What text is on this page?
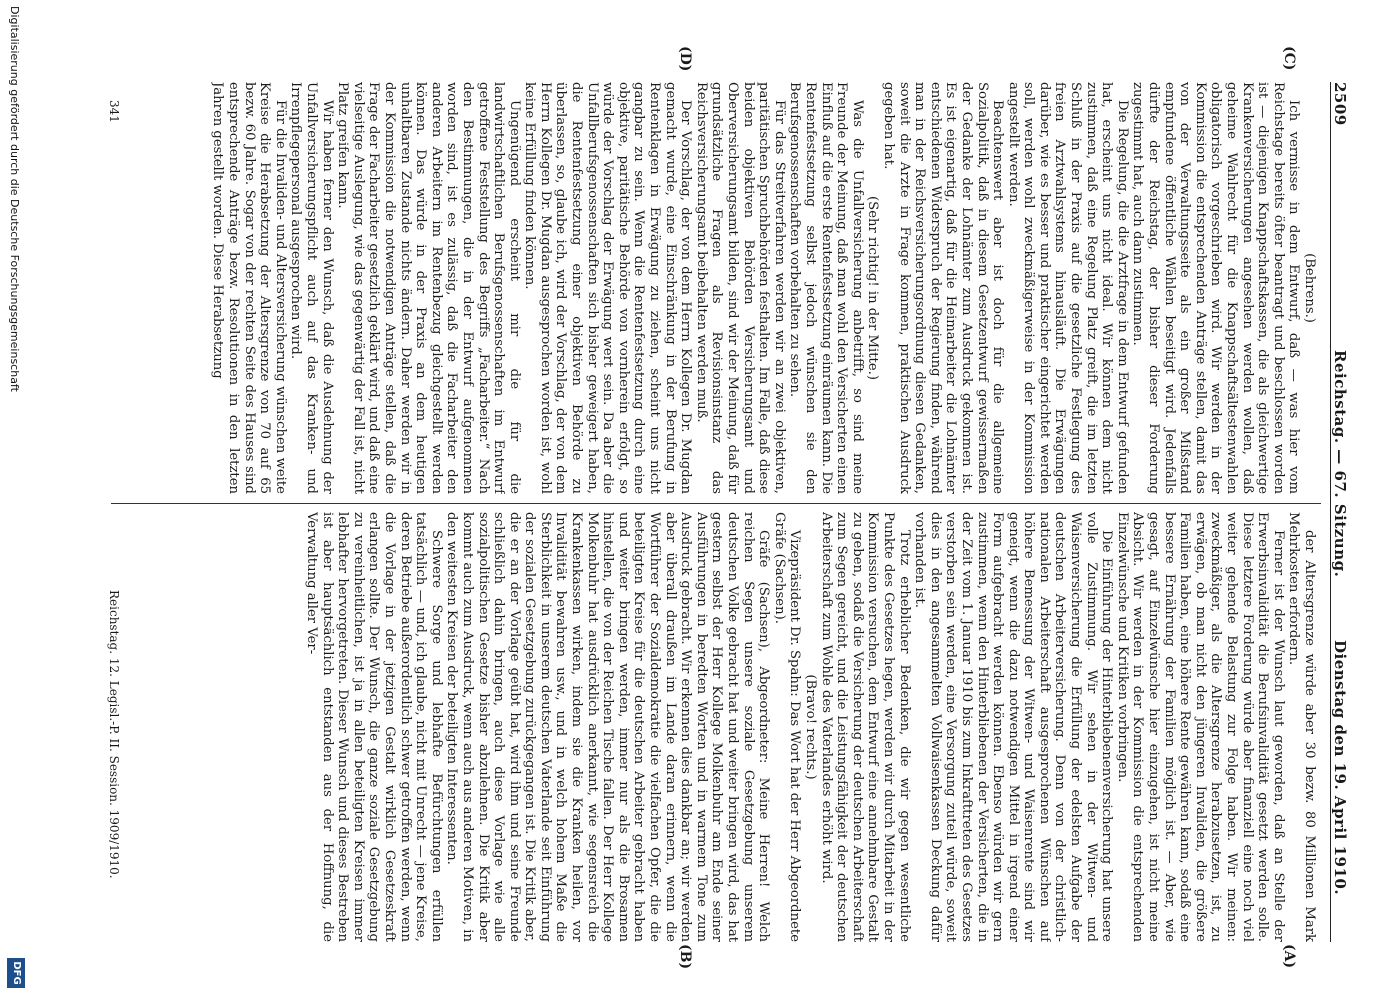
2509
Reichstag. — 67. Sitzung.
Dienstag den 19. April 1910.
(A)
(B)
(C)
(D)

der Altersgrenze würde aber 30 bezw. 80 Millionen Mark Mehrkosten erfordern.

Ferner ist der Wunsch laut geworden, daß an Stelle der Erwerbsinvalidität die Berufsinvalidität gesetzt werden solle. Diese letztere Forderung würde aber finanziell eine noch viel weiter gehende Belastung zur Folge haben. Wir meinen: zweckmäßiger, als die Altersgrenze herabzusetzen, ist, zu erwägen, ob man nicht den jüngeren Invaliden, die größere Familien haben, eine höhere Rente gewähren kann, sodaß eine bessere Ernährung der Familien möglich ist. — Aber, wie gesagt, auf Einzelwünsche hier einzugehen, ist nicht meine Absicht. Wir werden in der Kommission die entsprechenden Einzelwünsche und Kritiken vorbringen.

Die Einführung der Hinterbliebenenversicherung hat unsere volle Zustimmung. Wir sehen in der Witwen- und Waisenversicherung die Erfüllung der edelsten Aufgabe der deutschen Arbeiterversicherung. Denn von der christlich-nationalen Arbeiterschaft ausgesprochenen Wünschen auf höhere Bemessung der Witwen- und Waisenrente sind wir geneigt, wenn die dazu notwendigen Mittel in irgend einer Form aufgebracht werden können. Ebenso würden wir gern zustimmen, wenn den Hinterbliebenen der Versicherten, die in der Zeit vom 1. Januar 1910 bis zum Inkrafttreten des Gesetzes verstorben sein werden, eine Versorgung zuteil würde, soweit dies in den angesammelten Vollwaisenkassen Deckung dafür vorhanden ist.

Trotz erheblicher Bedenken, die wir gegen wesentliche Punkte des Gesetzes hegen, werden wir durch Mitarbeit in der Kommission versuchen, dem Entwurf eine annehmbare Gestalt zu geben, sodaß die Versicherung der deutschen Arbeiterschaft zum Segen gereicht, und die Leistungsfähigkeit der deutschen Arbeiterschaft zum Wohle des Vaterlandes erhöht wird.

(Bravo! rechts.)

Vizepräsident Dr. Spahn: Das Wort hat der Herr Abgeordnete Gräfe (Sachsen).

Gräfe (Sachsen), Abgeordneter: Meine Herren! Welch reichen Segen unsere soziale Gesetzgebung unserem deutschen Volke gebracht hat und weiter bringen wird, das hat gestern selbst der Herr Kollege Molkenbuhr am Ende seiner Ausführungen in beredten Worten und in warmem Tone zum Ausdruck gebracht. Wir erkennen dies dankbar an; wir werden aber überall draußen im Lande daran erinnern, wenn die Wortführer der Sozialdemokratie die vielfachen Opfer, die die beteiligten Kreise für die deutschen Arbeiter gebracht haben und weiter bringen werden, immer nur als die Brosamen hinstellen, die von der Reichen Tische fallen. Der Herr Kollege Molkenbuhr hat ausdrücklich anerkannt, wie segensreich die Krankenkassen wirken, indem sie die Kranken heilen, vor Invalidität bewahren usw., und in welch hohem Maße die Sterblichkeit in unserem deutschen Vaterlande seit Einführung der sozialen Gesetzgebung zurückgegangen ist. Die Kritik aber, die er an der Vorlage geübt hat, wird ihm und seine Freunde schließlich dahin bringen, auch diese Vorlage wie alle sozialpolitischen Gesetze bisher abzulehnen. Die Kritik aber kommt auch zum Ausdruck, wenn auch aus anderen Motiven, in den weitesten Kreisen der beteiligten Interessenten.

Schwere Sorge und lebhafte Befürchtungen erfüllen tatsächlich — und, ich glaube, nicht mit Unrecht — jene Kreise, deren Betriebe außerordentlich schwer getroffen werden, wenn die Vorlage in der jetzigen Gestalt wirklich Gesetzeskraft erlangen sollte. Der Wunsch, die ganze soziale Gesetzgebung zu vereinheitlichen, ist ja in allen beteiligten Kreisen immer lebhafter hervorgetreten. Dieser Wunsch und dieses Bestreben ist aber hauptsächlich entstanden aus der Hoffnung, die Verwaltung aller Ver-

(Behrens.)

Ich vermisse in dem Entwurf, daß — was hier vom Reichstage bereits öfter beantragt und beschlossen worden ist — diejenigen Knappschaftskassen, die als gleichwertige Krankenversicherungen angesehen werden wollen, daß geheime Wahlrecht für die Knappschaftsältestenwahlen obligatorisch vorgeschrieben wird. Wir werden in der Kommission die entsprechenden Anträge stellen, damit das von der Verwaltungsseite als ein großer Mißstand empfundene öffentliche Wählen beseitigt wird. Jedenfalls dürfte der Reichstag, der bisher dieser Forderung zugestimmt hat, auch dann zustimmen.

Die Regelung, die die Arztfrage in dem Entwurf gefunden hat, erscheint uns nicht ideal. Wir können dem nicht zustimmen, daß eine Regelung Platz greift, die im letzten Schluß in der Praxis auf die gesetzliche Festlegung des freien Arztwahlsystems hinausläuft. Die Erwägungen darüber, wie es besser und praktischer eingerichtet werden soll, werden wohl zweckmäßigerweise in der Kommission angestellt werden.

Beachtenswert aber ist doch für die allgemeine Sozialpolitik, daß in diesem Gesetzentwurf gewissermaßen der Gedanke der Lohnämter zum Ausdruck gekommen ist. Es ist eigenartig, daß für die Heimarbeiter die Lohnämter entschiedenen Widerspruch der Regierung finden, während man in der Reichsversicherungsordnung diesen Gedanken, soweit die Arzte in Frage kommen, praktischen Ausdruck gegeben hat.

(Sehr richtig! in der Mitte.)

Was die Unfallversicherung anbetrifft, so sind meine Freunde der Meinung, daß man wohl den Versicherten einen Einfluß auf die erste Rentenfestsetzung einräumen kann. Die Rentenfestsetzung selbst jedoch wünschen sie den Berufsgenossenschaften vorbehalten zu sehen.

Für das Streitverfahren werden wir an zwei objektiven, paritätischen Spruchbehörden festhalten. Im Falle, daß diese beiden objektiven Behörden Versicherungsamt und Oberversicherungsamt bilden, sind wir der Meinung, daß für grundsätzliche Fragen als Revisionsinstanz das Reichsversicherungsamt beibehalten werden muß.

Der Vorschlag, der von dem Herrn Kollegen Dr. Mugdan gemacht wurde, eine Einschränkung in der Berufung in Rentenklagen in Erwägung zu ziehen, scheint uns nicht gangbar zu sein. Wenn die Rentenfestsetzung durch eine objektive, paritätische Behörde von vornherein erfolgt, so würde der Vorschlag der Erwägung wert sein. Da aber die Unfallberufsgenossenschaften sich bisher geweigert haben, die Rentenfestsetzung einer objektiven Behörde zu überlassen, so, glaube ich, wird der Vorschlag, der von dem Herrn Kollegen Dr. Mugdan ausgesprochen worden ist, wohl keine Erfüllung finden können.

Ungenügend erscheint mir die für die landwirtschaftlichen Berufsgenossenschaften im Entwurf getroffene Feststellung des Begriffs „Facharbeiter.“ Nach den Bestimmungen, die in der Entwurf aufgenommen worden sind, ist es zulässig, daß die Facharbeiter den anderen Arbeitern im Rentenbezug gleichgestellt werden können. Das würde in der Praxis an dem heutigen unhaltbaren Zustande nichts ändern. Daher werden wir in der Kommission die notwendigen Anträge stellen, daß die Frage der Facharbeiter gesetzlich geklärt wird, und daß eine vielseitige Auslegung, wie das gegenwärtig der Fall ist, nicht Platz greifen kann.

Wir haben ferner den Wunsch, daß die Ausdehnung der Unfallversicherungspflicht auch auf das Kranken- und Irrenpflegepersonal ausgesprochen wird.

Für die Invaliden- und Altersversicherung wünschen weite Kreise die Herabsetzung der Altersgrenze von 70 auf 65 bezw. 60 Jahre. Sogar von der rechten Seite des Hauses sind entsprechende Anträge bezw. Resolutionen in den letzten Jahren gestellt worden. Diese Herabsetzung

Reichstag. 12. Legisl.-P. II. Session. 1909/1910.
341
Digitalisierung gefördert durch die Deutsche Forschungsgemeinschaft
DFG
